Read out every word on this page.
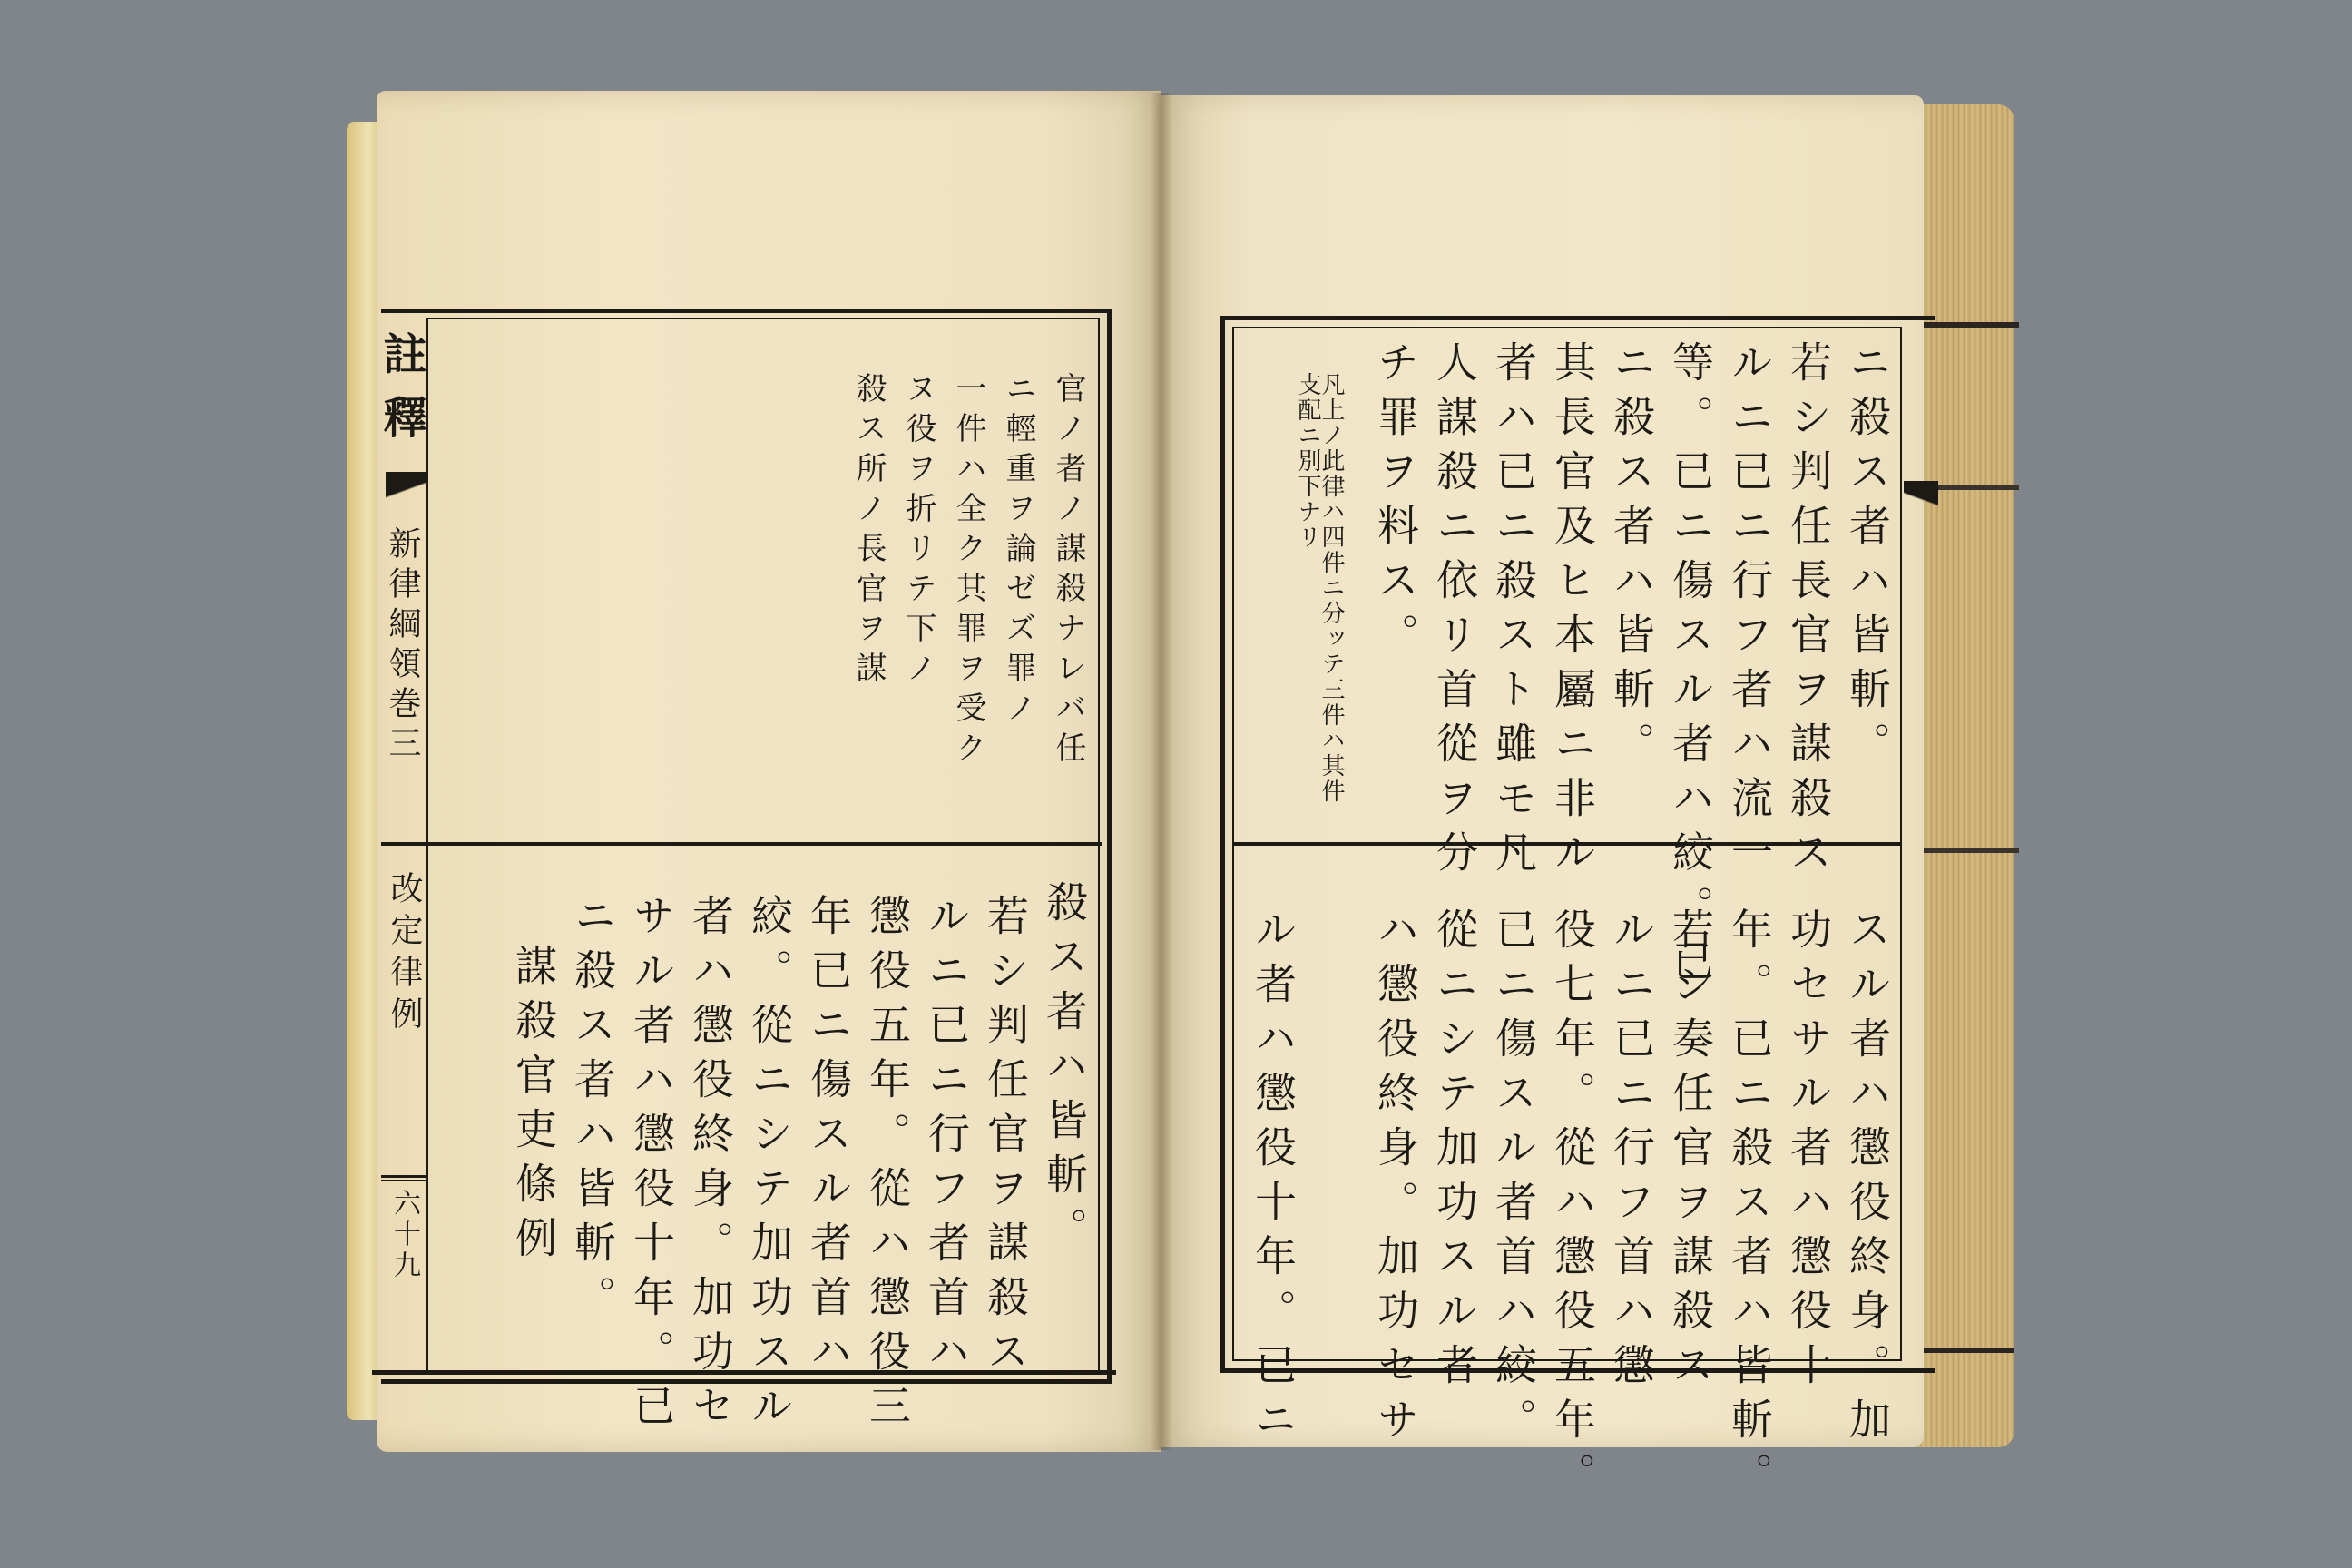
註釋
新律綱領巻三
改定律例
六十九
官ノ者ノ謀殺ナレバ任
ニ輕重ヲ論ゼズ罪ノ
一件ハ全ク其罪ヲ受ク
ヌ役ヲ折リテ下ノ
殺ス所ノ長官ヲ謀
殺ス者ハ皆斬。
若シ判任官ヲ謀殺ス
ルニ已ニ行フ者首ハ
懲役五年。從ハ懲役三
年已ニ傷スル者首ハ
絞。從ニシテ加功スル
者ハ懲役終身。加功セ
サル者ハ懲役十年。已
ニ殺ス者ハ皆斬。
謀殺官吏條例
ニ殺ス者ハ皆斬。
若シ判任長官ヲ謀殺ス
ルニ已ニ行フ者ハ流一
等。已ニ傷スル者ハ絞。已
ニ殺ス者ハ皆斬。
其長官及ヒ本屬ニ非ル
者ハ已ニ殺スト雖モ凡
人謀殺ニ依リ首從ヲ分
チ罪ヲ料ス。
凡上ノ此律ハ四件ニ分ッテ三件ハ其件支配ニ別下ナリ
スル者ハ懲役終身。加
功セサル者ハ懲役十
年。已ニ殺ス者ハ皆斬。
若シ奏任官ヲ謀殺ス
ルニ已ニ行フ首ハ懲
役七年。從ハ懲役五年。
已ニ傷スル者首ハ絞。
從ニシテ加功スル者
ハ懲役終身。加功セサ
ル者ハ懲役十年。已ニ
